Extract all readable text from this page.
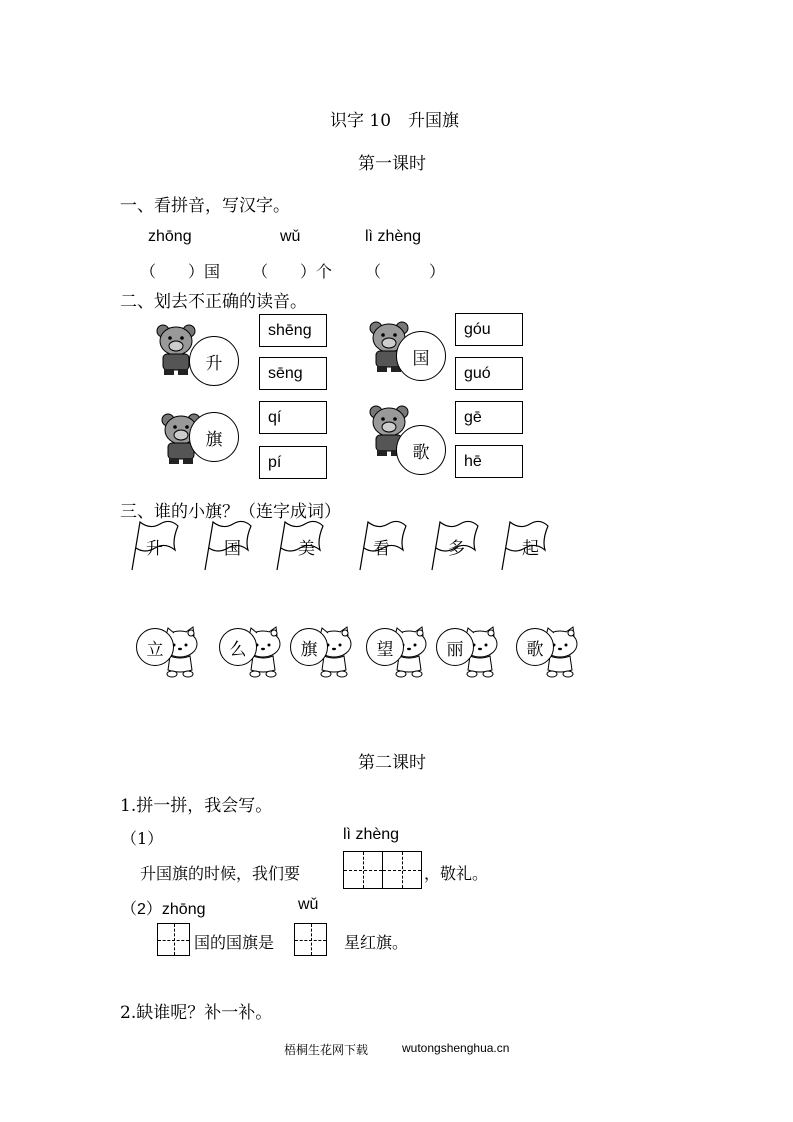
识字 10　升国旗
第一课时
一、看拼音，写汉字。
zhōnɡ	wǔ	lì zhènɡ
（　　）国 （　　）个 （　　　）
二、划去不正确的读音。
升	国
旗
歌
shēng
sēng
góu
guó
qí
pí
gē
hē
三、谁的小旗？（连字成词）
升	国	美	看	多	起
立	么	旗	望	丽	歌
第二课时
1.拼一拼，我会写。
（1）	lì zhènɡ
升国旗的时候，我们要	，敬礼。
（2）zhōnɡ	wǔ
国的国旗是	星红旗。
2.缺谁呢？补一补。
梧桐生花网下载	wutongshenghua.cn
